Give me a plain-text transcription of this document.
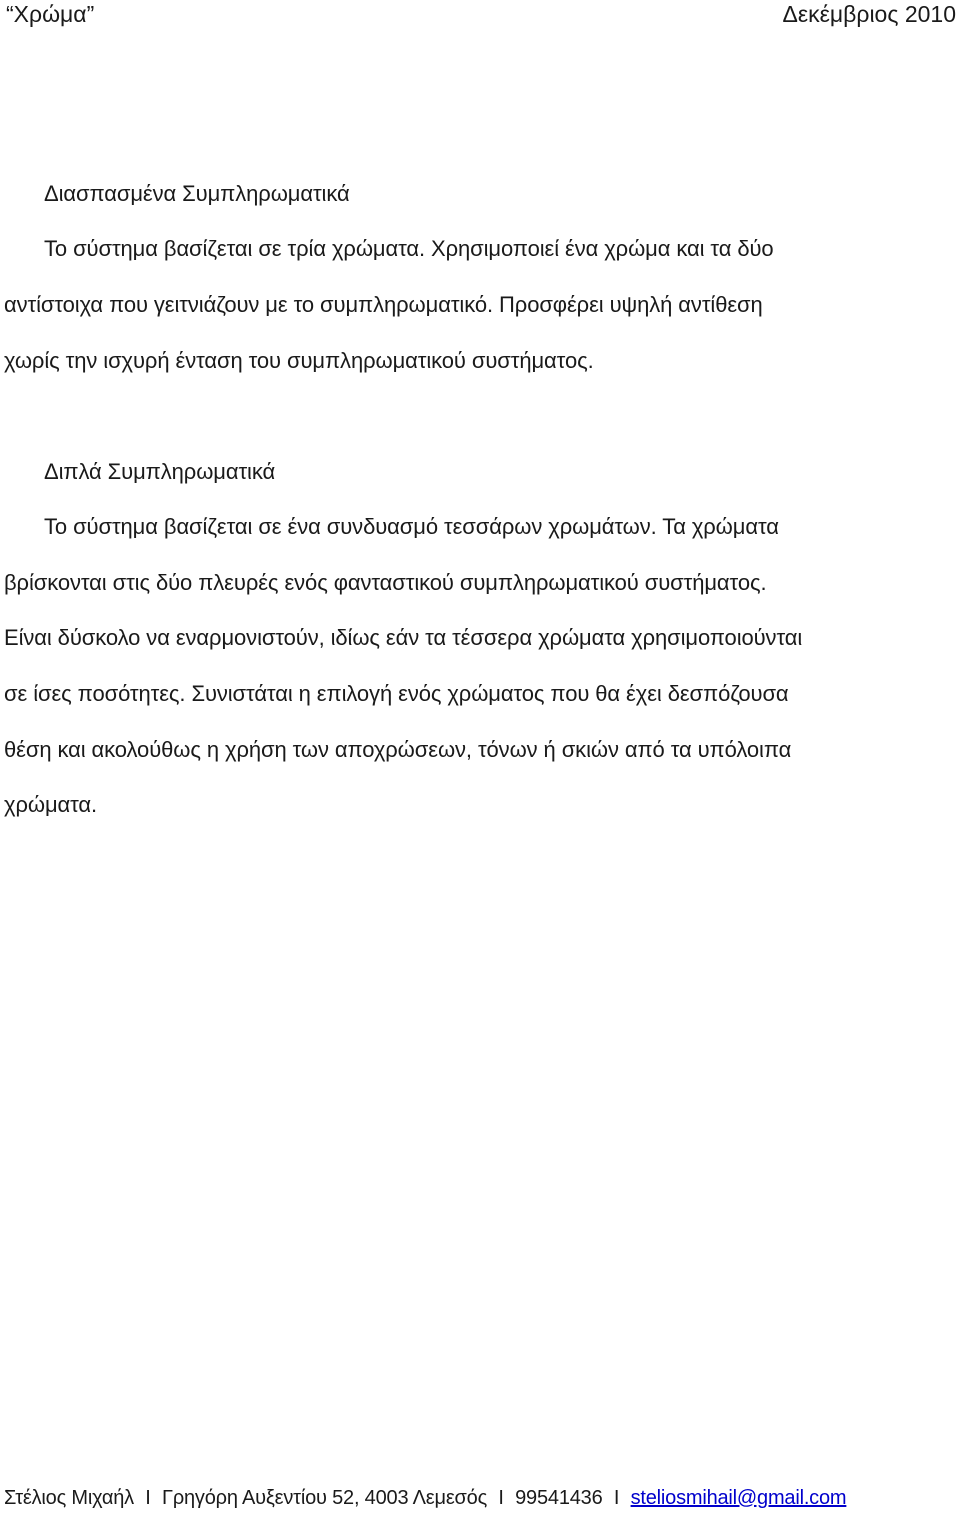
“Χρώμα”	Δεκέμβριος 2010
Διασπασμένα Συμπληρωματικά
Το σύστημα βασίζεται σε τρία χρώματα. Χρησιμοποιεί ένα χρώμα και τα δύο
αντίστοιχα που γειτνιάζουν με το συμπληρωματικό. Προσφέρει υψηλή αντίθεση
χωρίς την ισχυρή ένταση του συμπληρωματικού συστήματος.
Διπλά Συμπληρωματικά
Το σύστημα βασίζεται σε ένα συνδυασμό τεσσάρων χρωμάτων. Τα χρώματα
βρίσκονται στις δύο πλευρές ενός φανταστικού συμπληρωματικού συστήματος.
Είναι δύσκολο να εναρμονιστούν, ιδίως εάν τα τέσσερα χρώματα χρησιμοποιούνται
σε ίσες ποσότητες. Συνιστάται η επιλογή ενός χρώματος που θα έχει δεσπόζουσα
θέση και ακολούθως η χρήση των αποχρώσεων, τόνων ή σκιών από τα υπόλοιπα
χρώματα.
Στέλιος Μιχαήλ I Γρηγόρη Αυξεντίου 52, 4003 Λεμεσός I 99541436 I steliosmihail@gmail.com
